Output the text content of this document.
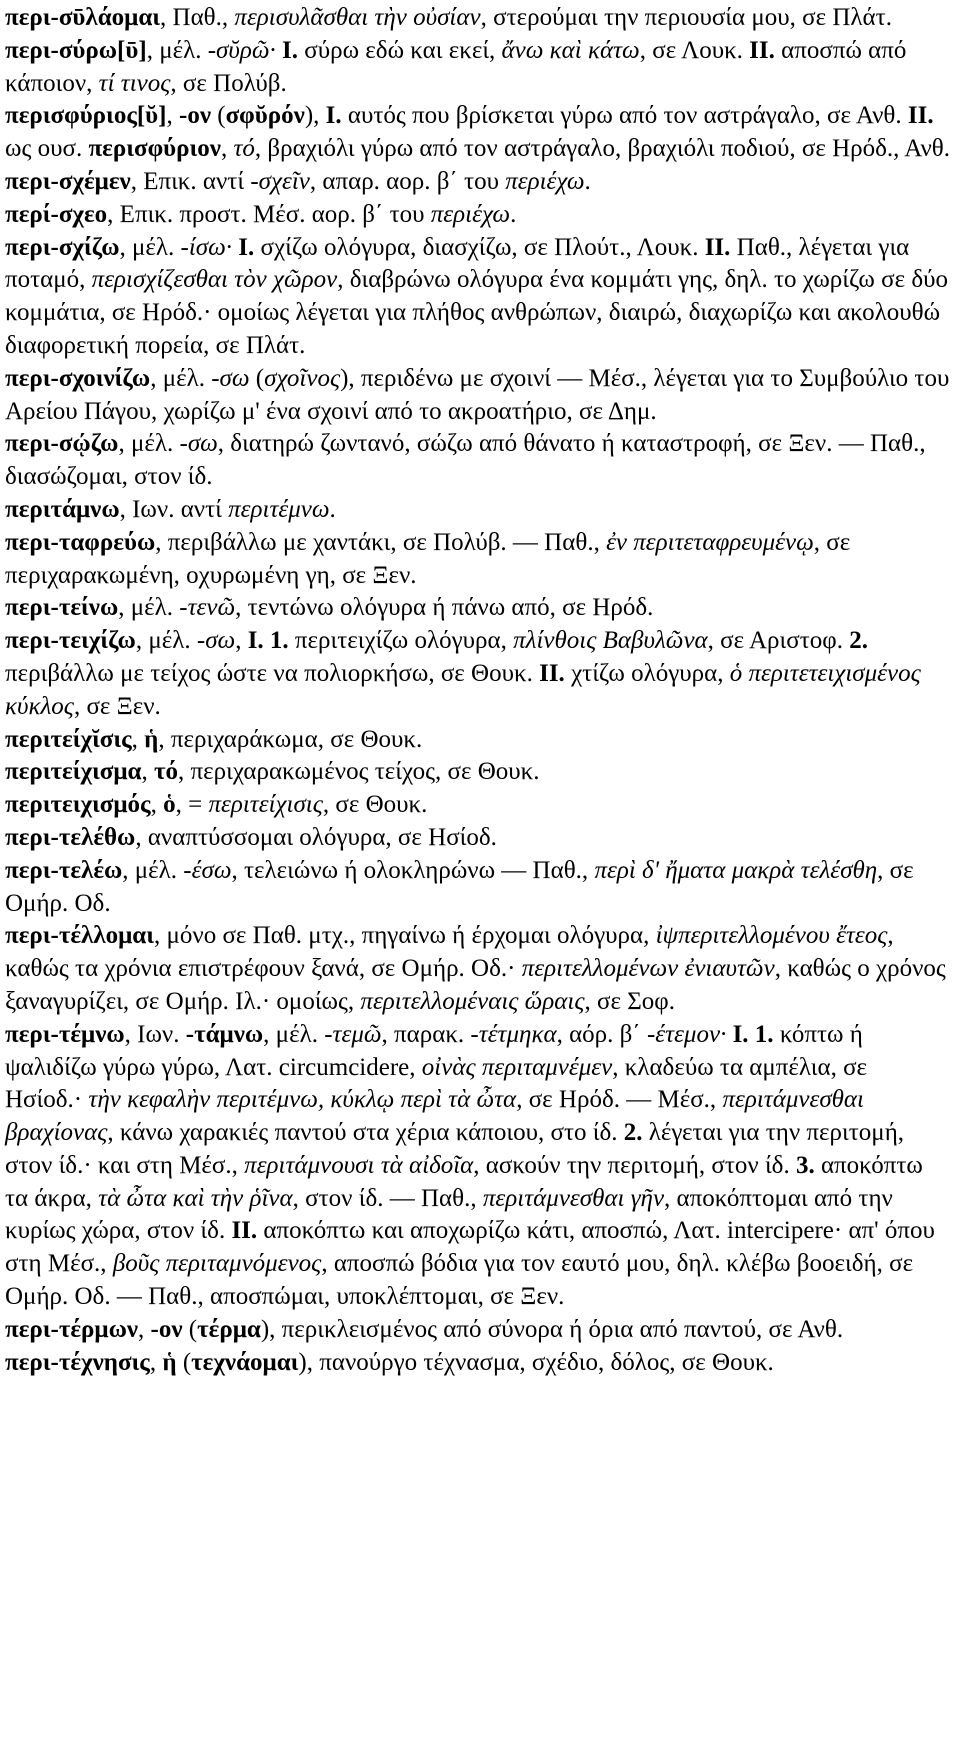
περι-σῡλάομαι, Παθ., περισυλᾶσθαι τὴν οὐσίαν, στερούμαι την περιουσία μου, σε Πλάτ.

περι-σύρω[ῡ], μέλ. -σῠρῶ· I. σύρω εδώ και εκεί, ἄνω καὶ κάτω, σε Λουκ. II. αποσπώ από κάποιον, τί τινος, σε Πολύβ.

περισφύριος[ῠ], -ον (σφῠρόν), I. αυτός που βρίσκεται γύρω από τον αστράγαλο, σε Ανθ. II. ως ουσ. περισφύριον, τό, βραχιόλι γύρω από τον αστράγαλο, βραχιόλι ποδιού, σε Ηρόδ., Ανθ.

περι-σχέμεν, Επικ. αντί -σχεῖν, απαρ. αορ. β΄ του περιέχω.

περί-σχεο, Επικ. προστ. Μέσ. αορ. β΄ του περιέχω.

περι-σχίζω, μέλ. -ίσω· I. σχίζω ολόγυρα, διασχίζω, σε Πλούτ., Λουκ. II. Παθ., λέγεται για ποταμό, περισχίζεσθαι τὸν χῶρον, διαβρώνω ολόγυρα ένα κομμάτι γης, δηλ. το χωρίζω σε δύο κομμάτια, σε Ηρόδ.· ομοίως λέγεται για πλήθος ανθρώπων, διαιρώ, διαχωρίζω και ακολουθώ διαφορετική πορεία, σε Πλάτ.

περι-σχοινίζω, μέλ. -σω (σχοῖνος), περιδένω με σχοινί — Μέσ., λέγεται για το Συμβούλιο του Αρείου Πάγου, χωρίζω μ' ένα σχοινί από το ακροατήριο, σε Δημ.

περι-σῴζω, μέλ. -σω, διατηρώ ζωντανό, σώζω από θάνατο ή καταστροφή, σε Ξεν. — Παθ., διασώζομαι, στον ίδ.

περιτάμνω, Ιων. αντί περιτέμνω.

περι-ταφρεύω, περιβάλλω με χαντάκι, σε Πολύβ. — Παθ., ἐν περιτεταφρευμένῳ, σε περιχαρακωμένη, οχυρωμένη γη, σε Ξεν.

περι-τείνω, μέλ. -τενῶ, τεντώνω ολόγυρα ή πάνω από, σε Ηρόδ.

περι-τειχίζω, μέλ. -σω, I. 1. περιτειχίζω ολόγυρα, πλίνθοις Βαβυλῶνα, σε Αριστοφ. 2. περιβάλλω με τείχος ώστε να πολιορκήσω, σε Θουκ. II. χτίζω ολόγυρα, ὁ περιτετειχισμένος κύκλος, σε Ξεν.

περιτείχῐσις, ἡ, περιχαράκωμα, σε Θουκ.

περιτείχισμα, τό, περιχαρακωμένος τείχος, σε Θουκ.

περιτειχισμός, ὁ, = περιτείχισις, σε Θουκ.

περι-τελέθω, αναπτύσσομαι ολόγυρα, σε Ησίοδ.

περι-τελέω, μέλ. -έσω, τελειώνω ή ολοκληρώνω — Παθ., περὶ δ' ἤματα μακρὰ τελέσθη, σε Ομήρ. Οδ.

περι-τέλλομαι, μόνο σε Παθ. μτχ., πηγαίνω ή έρχομαι ολόγυρα, ἰψπεριτελλομένου ἔτεος, καθώς τα χρόνια επιστρέφουν ξανά, σε Ομήρ. Οδ.· περιτελλομένων ἐνιαυτῶν, καθώς ο χρόνος ξαναγυρίζει, σε Ομήρ. Ιλ.· ομοίως, περιτελλομέναις ὥραις, σε Σοφ.

περι-τέμνω, Ιων. -τάμνω, μέλ. -τεμῶ, παρακ. -τέτμηκα, αόρ. β΄ -έτεμον· I. 1. κόπτω ή ψαλιδίζω γύρω γύρω, Λατ. circumcidere, οἰνὰς περιταμνέμεν, κλαδεύω τα αμπέλια, σε Ησίοδ.· τὴν κεφαλὴν περιτέμνω, κύκλῳ περὶ τὰ ὦτα, σε Ηρόδ. — Μέσ., περιτάμνεσθαι βραχίονας, κάνω χαρακιές παντού στα χέρια κάποιου, στο ίδ. 2. λέγεται για την περιτομή, στον ίδ.· και στη Μέσ., περιτάμνουσι τὰ αἰδοῖα, ασκούν την περιτομή, στον ίδ. 3. αποκόπτω τα άκρα, τὰ ὦτα καὶ τὴν ῥῖνα, στον ίδ. — Παθ., περιτάμνεσθαι γῆν, αποκόπτομαι από την κυρίως χώρα, στον ίδ. II. αποκόπτω και αποχωρίζω κάτι, αποσπώ, Λατ. intercipere· απ' όπου στη Μέσ., βοῦς περιταμνόμενος, αποσπώ βόδια για τον εαυτό μου, δηλ. κλέβω βοοειδή, σε Ομήρ. Οδ. — Παθ., αποσπώμαι, υποκλέπτομαι, σε Ξεν.

περι-τέρμων, -ον (τέρμα), περικλεισμένος από σύνορα ή όρια από παντού, σε Ανθ.

περι-τέχνησις, ἡ (τεχνάομαι), πανούργο τέχνασμα, σχέδιο, δόλος, σε Θουκ.
